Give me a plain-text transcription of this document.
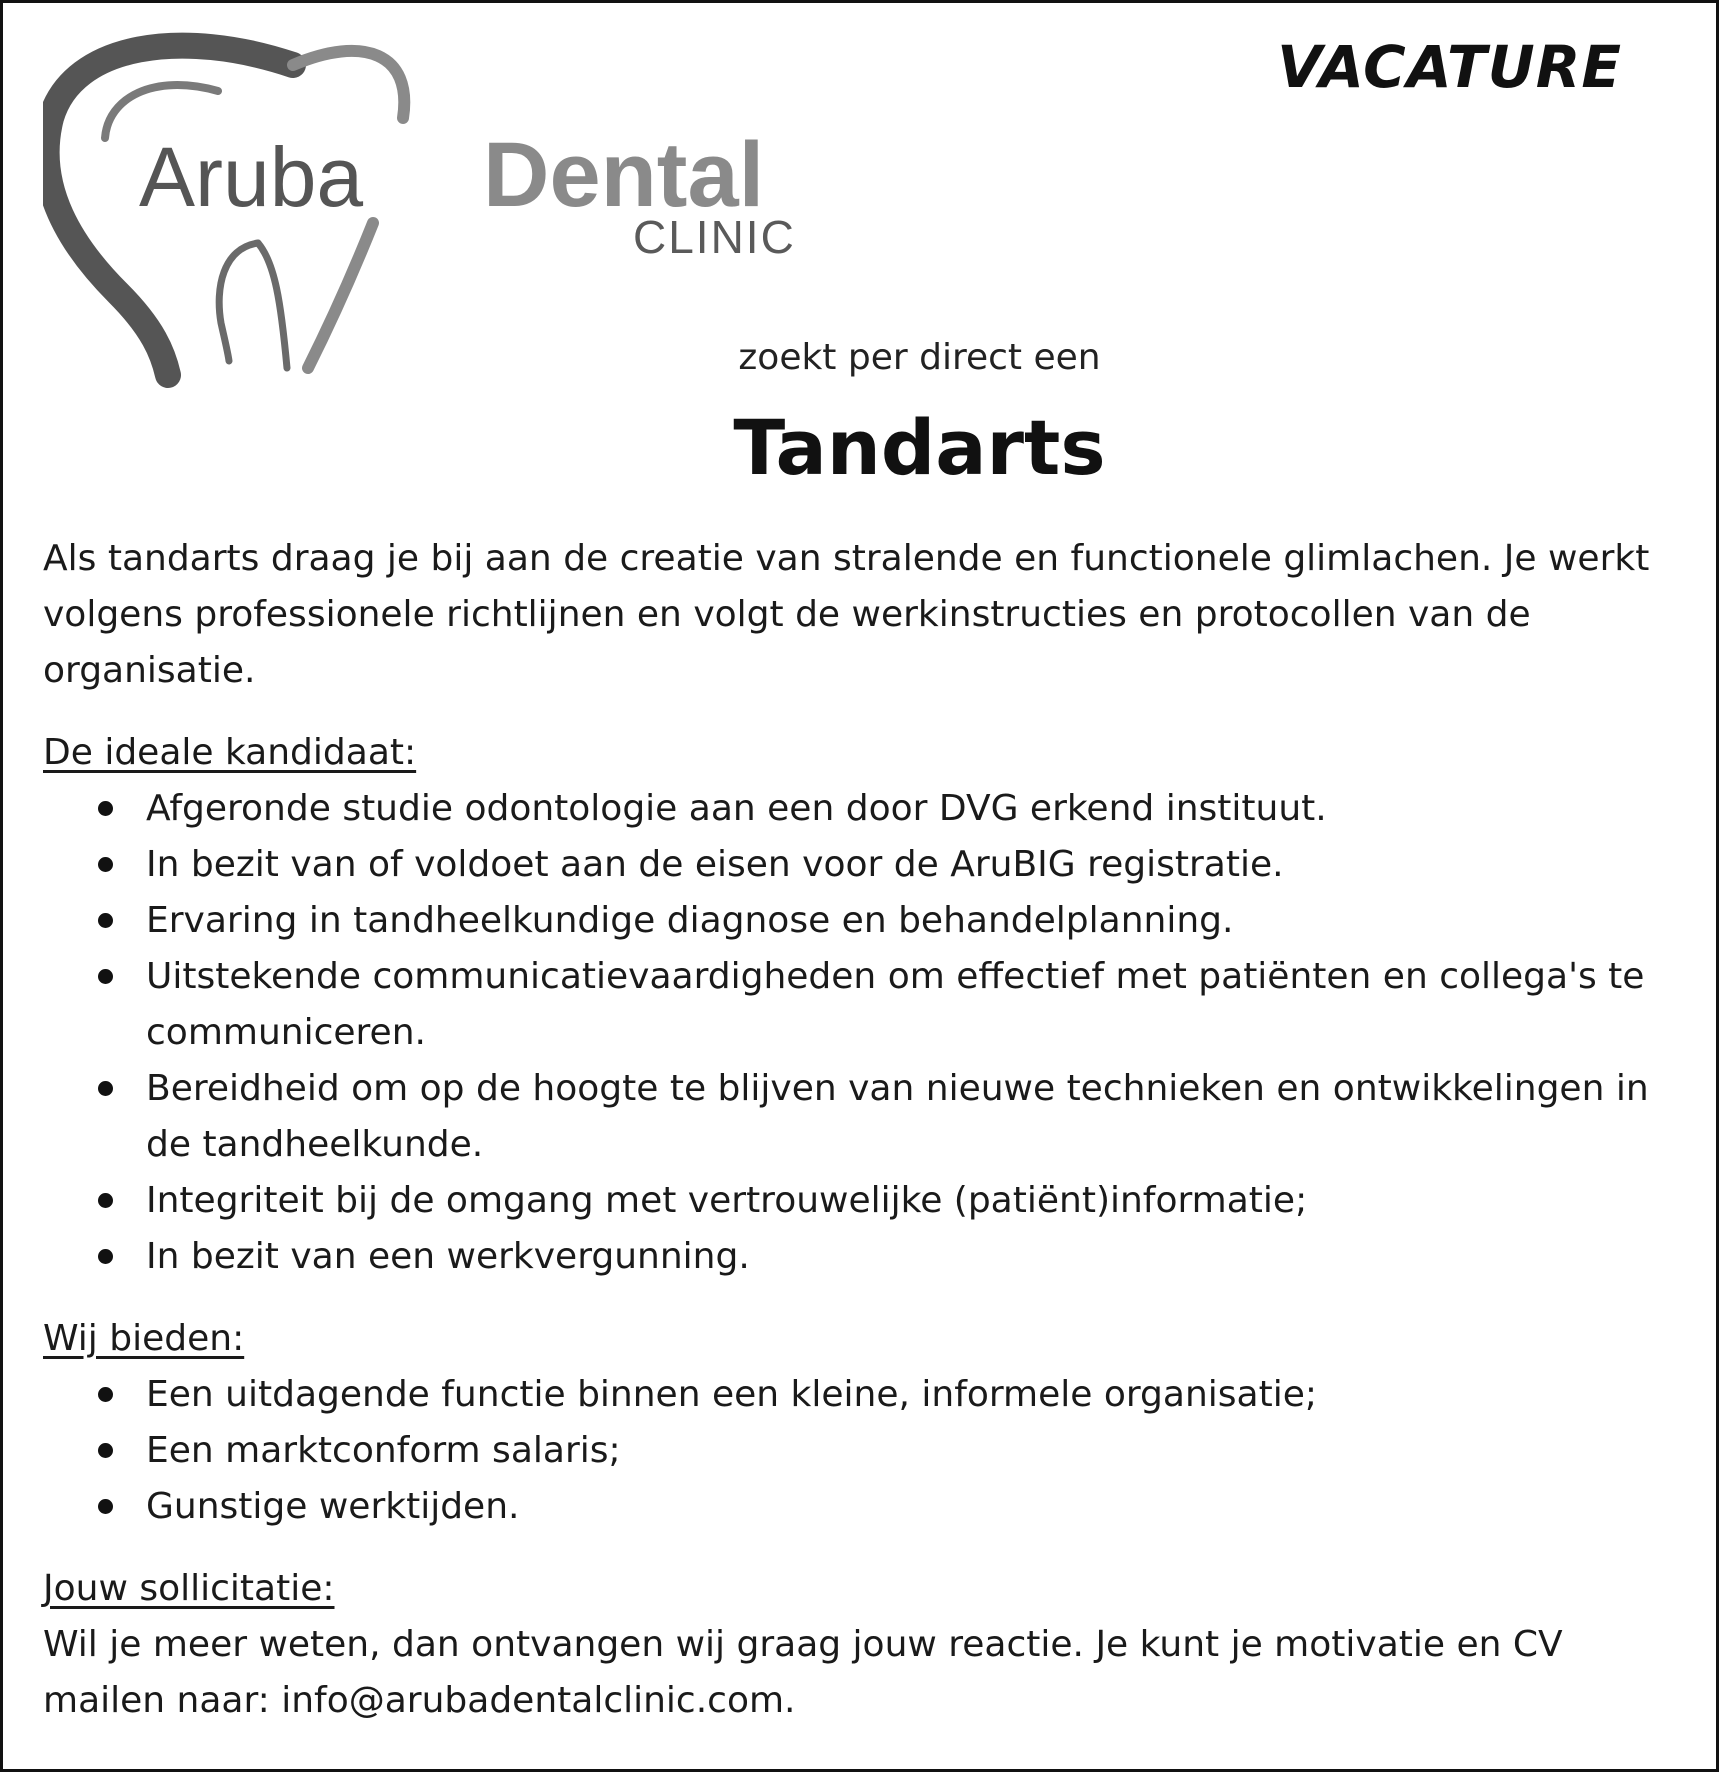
Aruba Dental
CLINIC
VACATURE
zoekt per direct een
Tandarts

Als tandarts draag je bij aan de creatie van stralende en functionele glimlachen. Je werkt volgens professionele richtlijnen en volgt de werkinstructies en protocollen van de organisatie.

De ideale kandidaat:

Afgeronde studie odontologie aan een door DVG erkend instituut.
In bezit van of voldoet aan de eisen voor de AruBIG registratie.
Ervaring in tandheelkundige diagnose en behandelplanning.
Uitstekende communicatievaardigheden om effectief met patiënten en collega's te communiceren.
Bereidheid om op de hoogte te blijven van nieuwe technieken en ontwikkelingen in de tandheelkunde.
Integriteit bij de omgang met vertrouwelijke (patiënt)informatie;
In bezit van een werkvergunning.

Wij bieden:

Een uitdagende functie binnen een kleine, informele organisatie;
Een marktconform salaris;
Gunstige werktijden.

Jouw sollicitatie:

Wil je meer weten, dan ontvangen wij graag jouw reactie. Je kunt je motivatie en CV mailen naar: info@arubadentalclinic.com.
